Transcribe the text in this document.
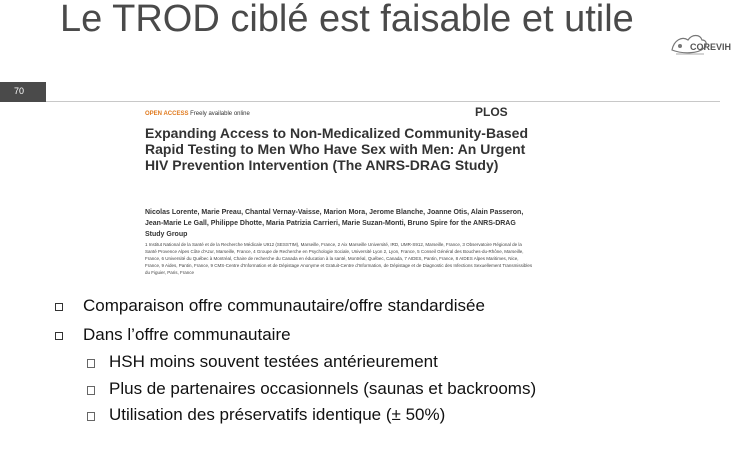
70
Le TROD ciblé est faisable et utile
COREVIH
OPEN ACCESS Freely available online	PLOS
Expanding Access to Non-Medicalized Community-Based Rapid Testing to Men Who Have Sex with Men: An Urgent HIV Prevention Intervention (The ANRS-DRAG Study)
Nicolas Lorente, Marie Preau, Chantal Vernay-Vaisse, Marion Mora, Jerome Blanche, Joanne Otis, Alain Passeron, Jean-Marie Le Gall, Philippe Dhotte, Maria Patrizia Carrieri, Marie Suzan-Monti, Bruno Spire for the ANRS-DRAG Study Group
1 Institut National de la Santé et de la Recherche Médicale U912 (SESSTIM), Marseille, France, 2 Aix Marseille Université, IRD, UMR-S912, Marseille, France, 3 Observatoire Régional de la Santé Provence Alpes Côte d'Azur, Marseille, France, 4 Groupe de Recherche en Psychologie Sociale, Université Lyon 2, Lyon, France, 5 Conseil Général des Bouches-du-Rhône, Marseille, France, 6 Université du Québec à Montréal, Chaire de recherche du Canada en éducation à la santé, Montréal, Québec, Canada, 7 AIDES, Pantin, France, 8 AIDES Alpes Maritimes, Nice, France, 9 Aides, Pantin, France, 9 CMS-Centre d'Information et de Dépistage Anonyme et Gratuit-Centre d'Information, de Dépistage et de Diagnostic des Infections Sexuellement Transmissibles du Figuier, Paris, France
Comparaison offre communautaire/offre standardisée
Dans l’offre communautaire
HSH moins souvent testées antérieurement
Plus de partenaires occasionnels (saunas et backrooms)
Utilisation des préservatifs identique (± 50%)
